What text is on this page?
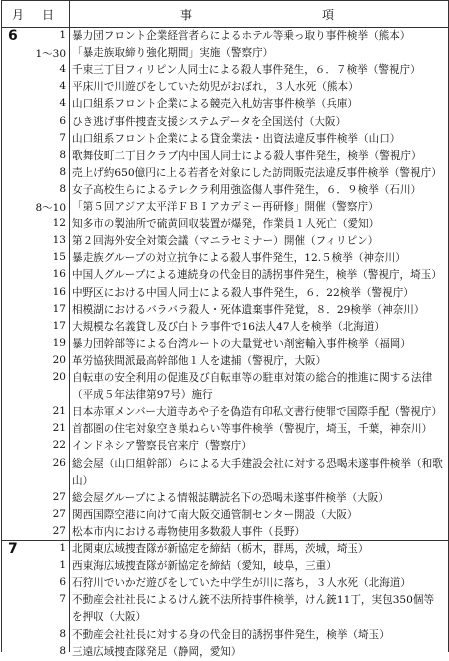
月 日	事	項
6	1 暴力団フロント企業経営者らによるホテル等乗っ取り事件検挙（熊本）
1～30 「暴走族取締り強化期間」実施（警察庁）
4 千束三丁目フィリピン人同士による殺人事件発生，６．７検挙（警視庁）
4 平床川で川遊びをしていた幼児がおぼれ，３人水死（熊本）
4 山口組系フロント企業による競売入札妨害事件検挙（兵庫）
6 ひき逃げ事件捜査支援システムデータを全国送付（大阪）
7 山口組系フロント企業による貸金業法・出資法違反事件検挙（山口）
8 歌舞伎町二丁目クラブ内中国人同士による殺人事件発生，検挙（警視庁）
8 売上げ約650億円に上る若者を対象にした訪問販売法違反事件検挙（警視庁）
8 女子高校生らによるテレクラ利用強盗傷人事件発生，６．９検挙（石川）
8～10 「第５回アジア太平洋ＦＢＩアカデミー再研修」開催（警察庁）
12 知多市の製油所で硫黄回収装置が爆発，作業員１人死亡（愛知）
13 第２回海外安全対策会議（マニラセミナー）開催（フィリピン）
15 暴走族グループの対立抗争による殺人事件発生，12.５検挙（神奈川）
16 中国人グループによる連続身の代金目的誘拐事件発生，検挙（警視庁，埼玉）
16 中野区における中国人同士による殺人事件発生，６．22検挙（警視庁）
17 相模湖におけるバラバラ殺人・死体遺棄事件発覚，８．29検挙（神奈川）
17 大規模な名義貸し及び白トラ事件で16法人47人を検挙（北海道）
19 暴力団幹部等による台湾ルートの大量覚せい剤密輸入事件検挙（福岡）
20 革労協狭間派最高幹部他１人を逮捕（警視庁，大阪）
20 自転車の安全利用の促進及び自転車等の駐車対策の総合的推進に関する法律（平成５年法律第97号）施行
21 日本赤軍メンバー大道寺あや子を偽造有印私文書行使罪で国際手配（警視庁）
21 首都圏の住宅対象空き巣ねらい等事件検挙（警視庁，埼玉，千葉，神奈川）
22 インドネシア警察長官来庁（警察庁）
26 総会屋（山口組幹部）らによる大手建設会社に対する恐喝未遂事件検挙（和歌山）
27 総会屋グループによる情報誌購読名下の恐喝未遂事件検挙（大阪）
27 関西国際空港に向けて南大阪交通管制センター開設（大阪）
27 松本市内における毒物使用多数殺人事件（長野）
7	1 北関東広域捜査隊が新協定を締結（栃木，群馬，茨城，埼玉）
1 西東海広域捜査隊が新協定を締結（愛知，岐阜，三重）
6 石狩川でいかだ遊びをしていた中学生が川に落ち，３人水死（北海道）
7 不動産会社社長によるけん銃不法所持事件検挙，けん銃11丁，実包350個等を押収（大阪）
8 不動産会社社長に対する身の代金目的誘拐事件発生，検挙（埼玉）
8 三遠広域捜査隊発足（静岡，愛知）
